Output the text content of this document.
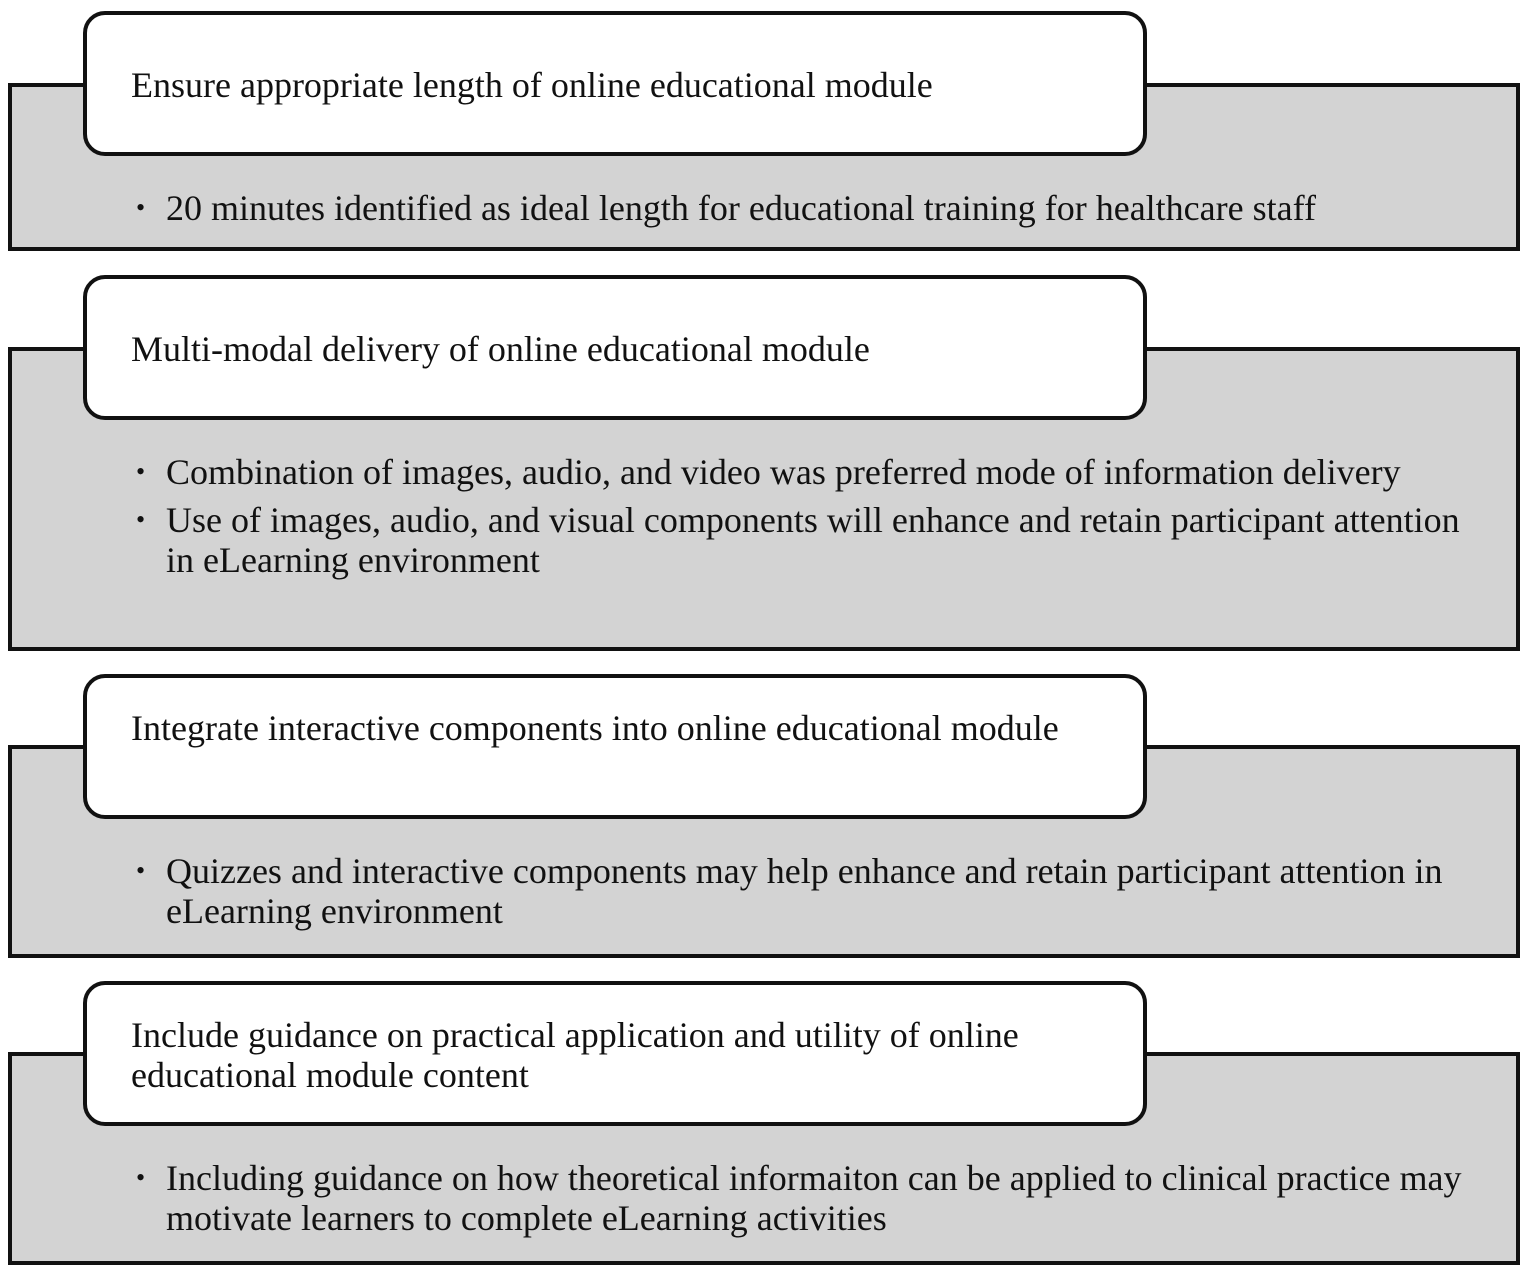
• 20 minutes identified as ideal length for educational training for healthcare staff

Ensure appropriate length of online educational module

• Combination of images, audio, and video was preferred mode of information delivery
• Use of images, audio, and visual components will enhance and retain participant attention in eLearning environment

Multi-modal delivery of online educational module

• Quizzes and interactive components may help enhance and retain participant attention in eLearning environment

Integrate interactive components into online educational module

• Including guidance on how theoretical informaiton can be applied to clinical practice may motivate learners to complete eLearning activities

Include guidance on practical application and utility of online educational module content
